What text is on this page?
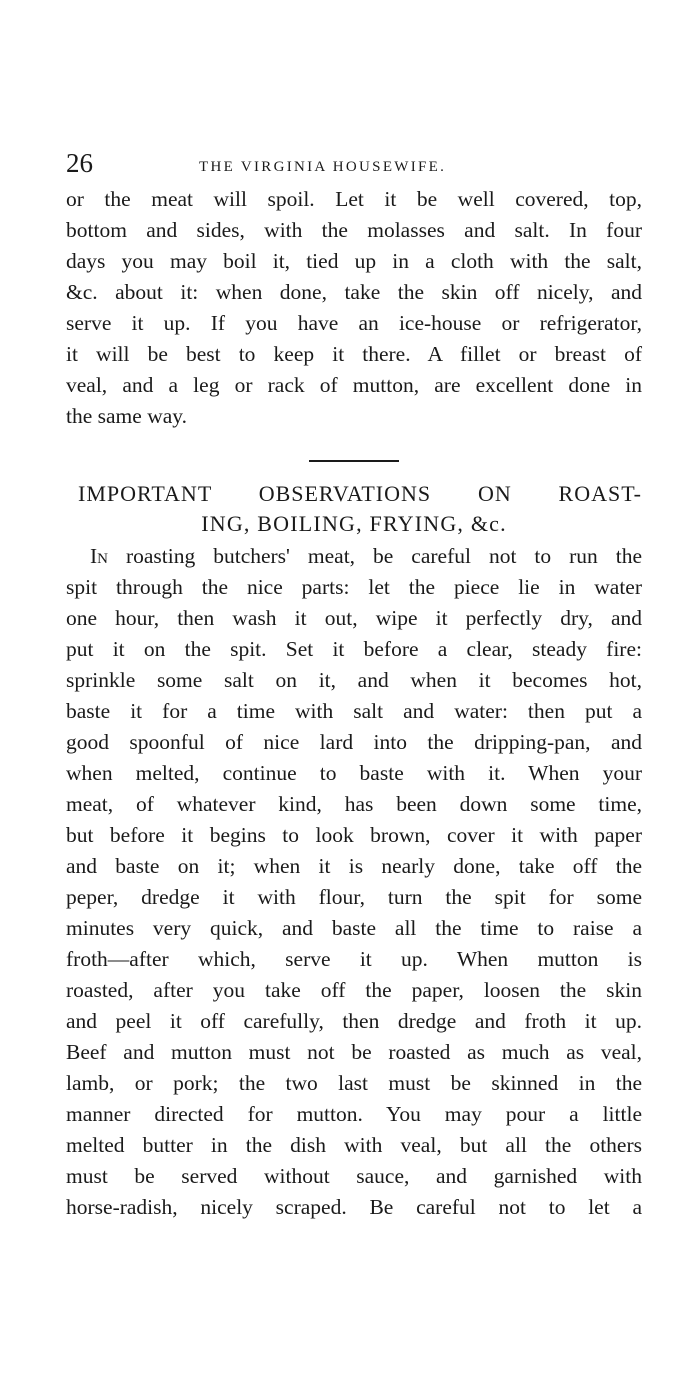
26	THE VIRGINIA HOUSEWIFE.
or the meat will spoil. Let it be well covered, top,
bottom and sides, with the molasses and salt. In four
days you may boil it, tied up in a cloth with the salt,
&c. about it: when done, take the skin off nicely, and
serve it up. If you have an ice-house or refrigerator,
it will be best to keep it there. A fillet or breast of
veal, and a leg or rack of mutton, are excellent done in
the same way.
IMPORTANT OBSERVATIONS ON ROAST-
ING, BOILING, FRYING, &c.
In roasting butchers' meat, be careful not to run the
spit through the nice parts: let the piece lie in water
one hour, then wash it out, wipe it perfectly dry, and
put it on the spit. Set it before a clear, steady fire:
sprinkle some salt on it, and when it becomes hot,
baste it for a time with salt and water: then put a
good spoonful of nice lard into the dripping-pan, and
when melted, continue to baste with it. When your
meat, of whatever kind, has been down some time,
but before it begins to look brown, cover it with paper
and baste on it; when it is nearly done, take off the
peper, dredge it with flour, turn the spit for some
minutes very quick, and baste all the time to raise a
froth—after which, serve it up. When mutton is
roasted, after you take off the paper, loosen the skin
and peel it off carefully, then dredge and froth it up.
Beef and mutton must not be roasted as much as veal,
lamb, or pork; the two last must be skinned in the
manner directed for mutton. You may pour a little
melted butter in the dish with veal, but all the others
must be served without sauce, and garnished with
horse-radish, nicely scraped. Be careful not to let a
